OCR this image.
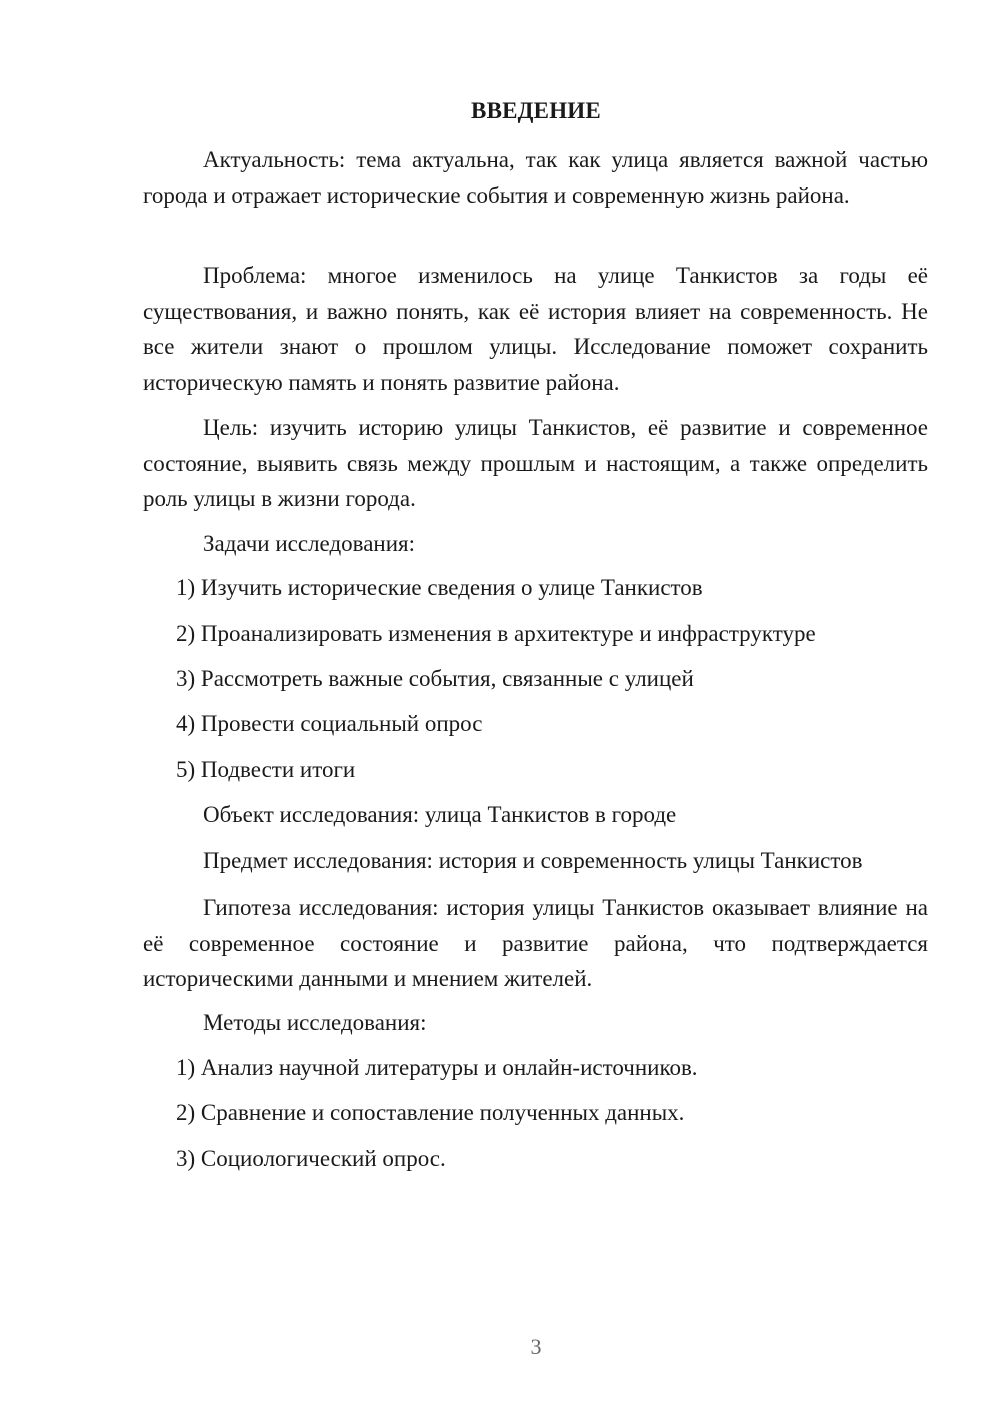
ВВЕДЕНИЕ

Актуальность: тема актуальна, так как улица является важной частью города и отражает исторические события и современную жизнь района.

Проблема: многое изменилось на улице Танкистов за годы её существования, и важно понять, как её история влияет на современность. Не все жители знают о прошлом улицы. Исследование поможет сохранить историческую память и понять развитие района.

Цель: изучить историю улицы Танкистов, её развитие и современное состояние, выявить связь между прошлым и настоящим, а также определить роль улицы в жизни города.

Задачи исследования:
1) Изучить исторические сведения о улице Танкистов
2) Проанализировать изменения в архитектуре и инфраструктуре
3) Рассмотреть важные события, связанные с улицей
4) Провести социальный опрос
5) Подвести итоги
Объект исследования: улица Танкистов в городе
Предмет исследования: история и современность улицы Танкистов

Гипотеза исследования: история улицы Танкистов оказывает влияние на её современное состояние и развитие района, что подтверждается историческими данными и мнением жителей.

Методы исследования:
1) Анализ научной литературы и онлайн-источников.
2) Сравнение и сопоставление полученных данных.
3) Социологический опрос.
3
